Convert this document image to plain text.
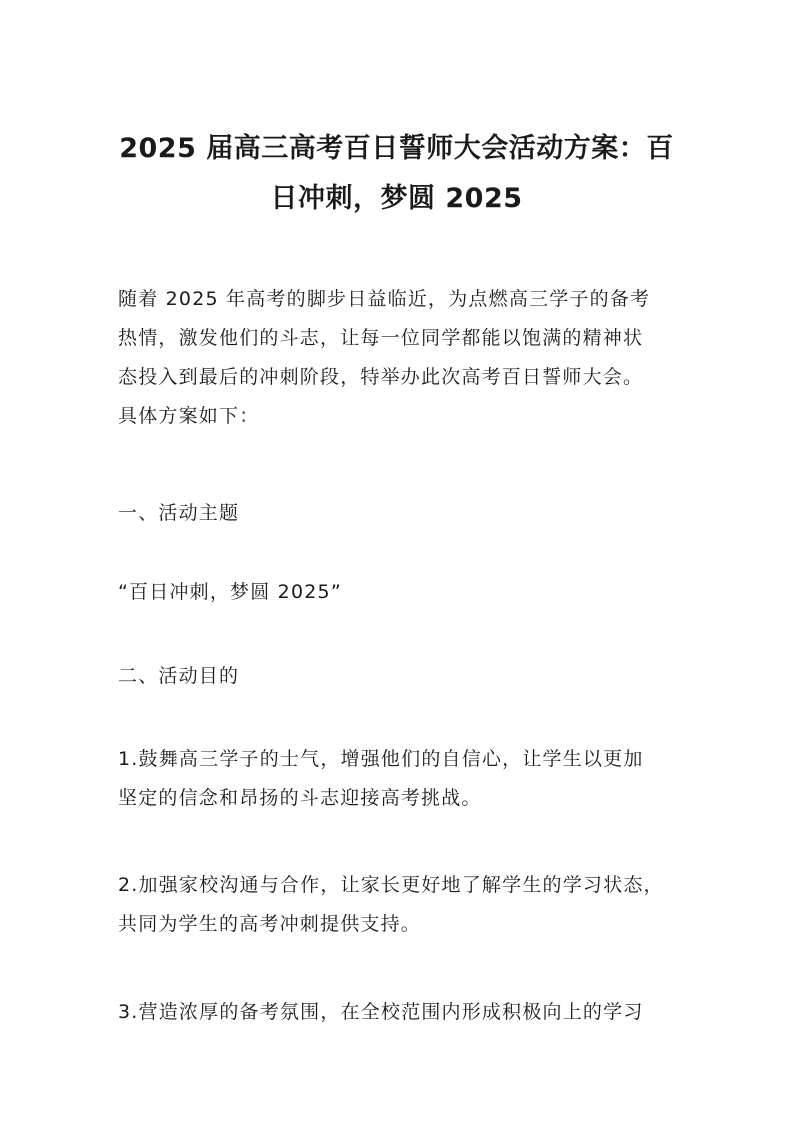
2025 届高三高考百日誓师大会活动方案：百
日冲刺，梦圆 2025

随着 2025 年高考的脚步日益临近，为点燃高三学子的备考
热情，激发他们的斗志，让每一位同学都能以饱满的精神状
态投入到最后的冲刺阶段，特举办此次高考百日誓师大会。
具体方案如下：

一、活动主题

“百日冲刺，梦圆 2025”

二、活动目的

1.鼓舞高三学子的士气，增强他们的自信心，让学生以更加
坚定的信念和昂扬的斗志迎接高考挑战。

2.加强家校沟通与合作，让家长更好地了解学生的学习状态，
共同为学生的高考冲刺提供支持。

3.营造浓厚的备考氛围，在全校范围内形成积极向上的学习
